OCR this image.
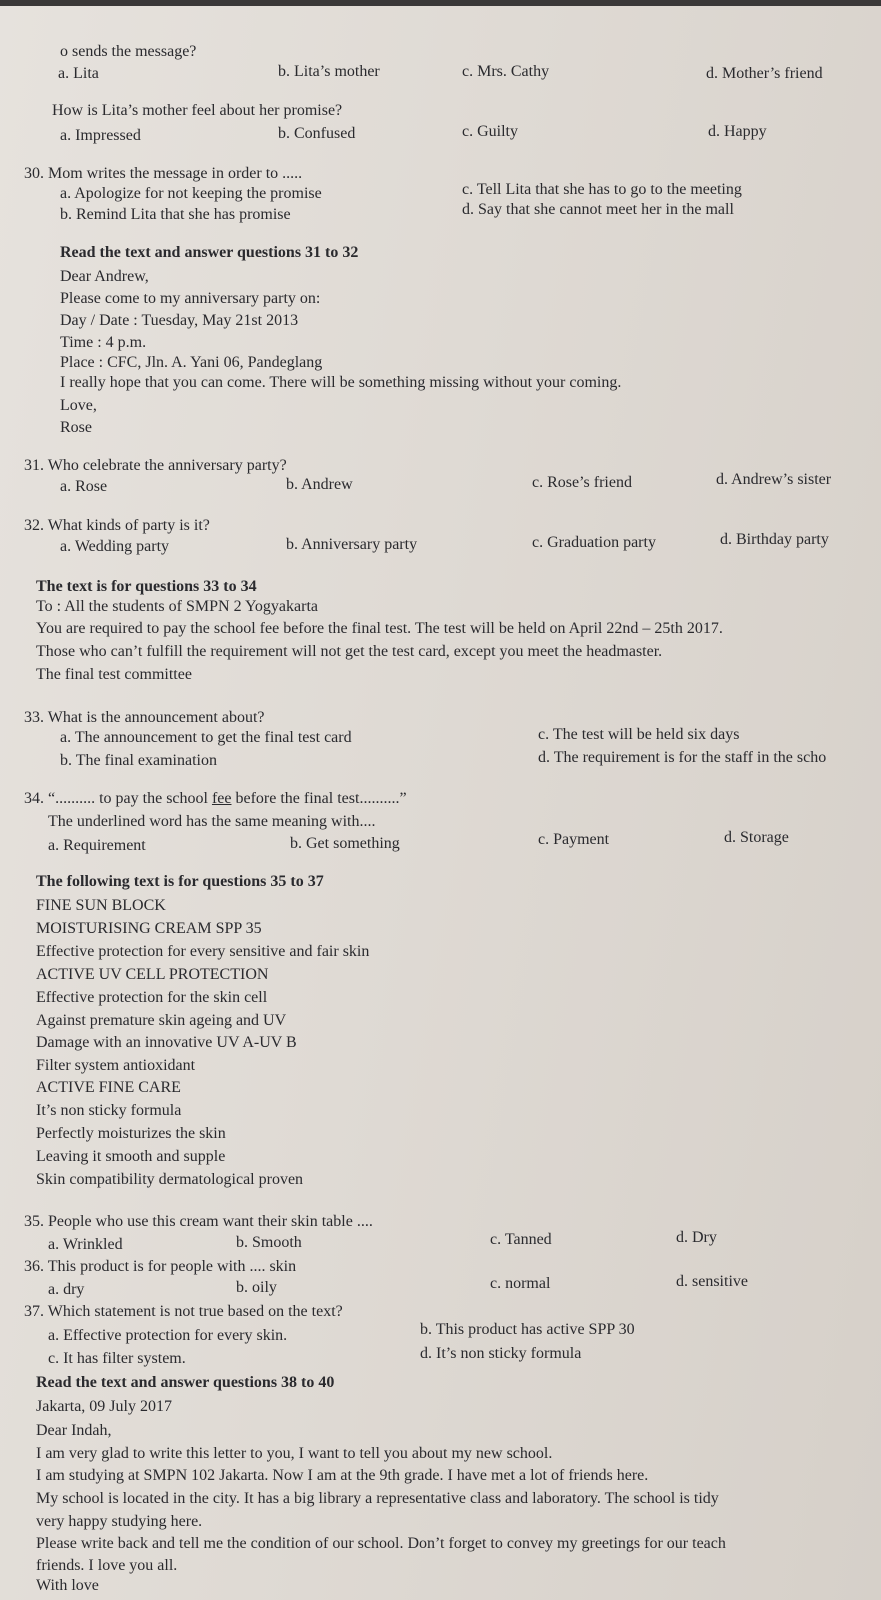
o sends the message?
a. Lita	b. Lita’s mother	c. Mrs. Cathy	d. Mother’s friend
How is Lita’s mother feel about her promise?
a. Impressed	b. Confused	c. Guilty	d. Happy
30. Mom writes the message in order to .....
a. Apologize for not keeping the promise	c. Tell Lita that she has to go to the meeting
b. Remind Lita that she has promise	d. Say that she cannot meet her in the mall
Read the text and answer questions 31 to 32
Dear Andrew,
Please come to my anniversary party on:
Day / Date : Tuesday, May 21st 2013
Time : 4 p.m.
Place : CFC, Jln. A. Yani 06, Pandeglang
I really hope that you can come. There will be something missing without your coming.
Love,
Rose
31. Who celebrate the anniversary party?
a. Rose	b. Andrew	c. Rose’s friend	d. Andrew’s sister
32. What kinds of party is it?
a. Wedding party	b. Anniversary party	c. Graduation party	d. Birthday party
The text is for questions 33 to 34
To : All the students of SMPN 2 Yogyakarta
You are required to pay the school fee before the final test. The test will be held on April 22nd – 25th 2017.
Those who can’t fulfill the requirement will not get the test card, except you meet the headmaster.
The final test committee
33. What is the announcement about?
a. The announcement to get the final test card	c. The test will be held six days
b. The final examination	d. The requirement is for the staff in the scho
34. “.......... to pay the school fee before the final test..........”
The underlined word has the same meaning with....
a. Requirement	b. Get something	c. Payment	d. Storage
The following text is for questions 35 to 37
FINE SUN BLOCK
MOISTURISING CREAM SPP 35
Effective protection for every sensitive and fair skin
ACTIVE UV CELL PROTECTION
Effective protection for the skin cell
Against premature skin ageing and UV
Damage with an innovative UV A-UV B
Filter system antioxidant
ACTIVE FINE CARE
It’s non sticky formula
Perfectly moisturizes the skin
Leaving it smooth and supple
Skin compatibility dermatological proven
35. People who use this cream want their skin table ....
a. Wrinkled	b. Smooth	c. Tanned	d. Dry
36. This product is for people with .... skin
a. dry	b. oily	c. normal	d. sensitive
37. Which statement is not true based on the text?
a. Effective protection for every skin.	b. This product has active SPP 30
c. It has filter system.	d. It’s non sticky formula
Read the text and answer questions 38 to 40
Jakarta, 09 July 2017
Dear Indah,
I am very glad to write this letter to you, I want to tell you about my new school.
I am studying at SMPN 102 Jakarta. Now I am at the 9th grade. I have met a lot of friends here.
My school is located in the city. It has a big library a representative class and laboratory. The school is tidy
very happy studying here.
Please write back and tell me the condition of our school. Don’t forget to convey my greetings for our teach
friends. I love you all.
With love
